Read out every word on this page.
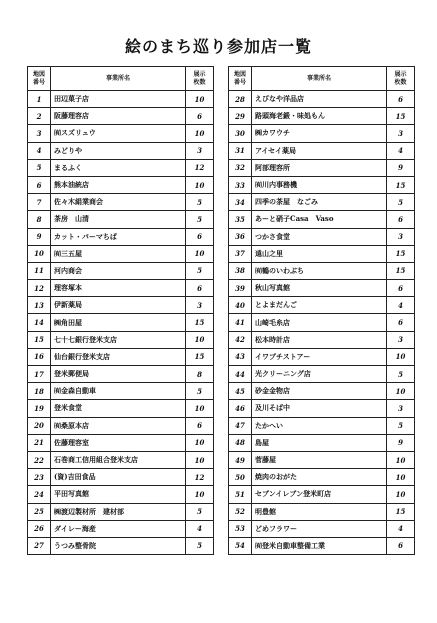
絵のまち巡り参加店一覧
地図
番号	事業所名	展示
枚数
1	田辺菓子店	10
2	阪藤理容店	6
3	㈲スズリュウ	10
4	みどりや	3
5	まるふく	12
6	熊本油統店	10
7	佐々木絹業商会	5
8	茶房　山清	5
9	カット・パーマちば	6
10	㈲三五屋	10
11	河内商会	5
12	理容塚本	6
13	伊新薬局	3
14	㈱角田屋	15
15	七十七銀行登米支店	10
16	仙台銀行登米支店	15
17	登米郵便局	8
18	㈲金森自動車	5
19	登米食堂	10
20	㈲桑原本店	6
21	佐藤理容室	10
22	石巻商工信用組合登米支店	10
23	(資)吉田食品	12
24	平田写真館	10
25	㈱渡辺製材所　建材部	5
26	ダイレー海産	4
27	うつみ整骨院	5
地図
番号	事業所名	展示
枚数
28	えびなや洋品店	6
29	路頭海老鍛・味処もん	15
30	㈱カワウチ	3
31	アイセイ薬局	4
32	阿部理容所	9
33	㈲川内事務機	15
34	四季の茶屋　なごみ	5
35	あーと硝子Casa　Vaso	6
36	つかさ食堂	3
37	遠山之里	15
38	㈲鶴のいわぶち	15
39	秋山写真館	6
40	とよまだんご	4
41	山崎毛糸店	6
42	松本時計店	3
43	イワプチストアー	10
44	光クリーニング店	5
45	砂金金物店	10
46	及川そば中	3
47	たかへい	5
48	島屋	9
49	菅藤屋	10
50	焼肉のおがた	10
51	セブンイレブン登米町店	10
52	明豊館	15
53	どめフラワー	4
54	㈲登米自動車整備工業	6
